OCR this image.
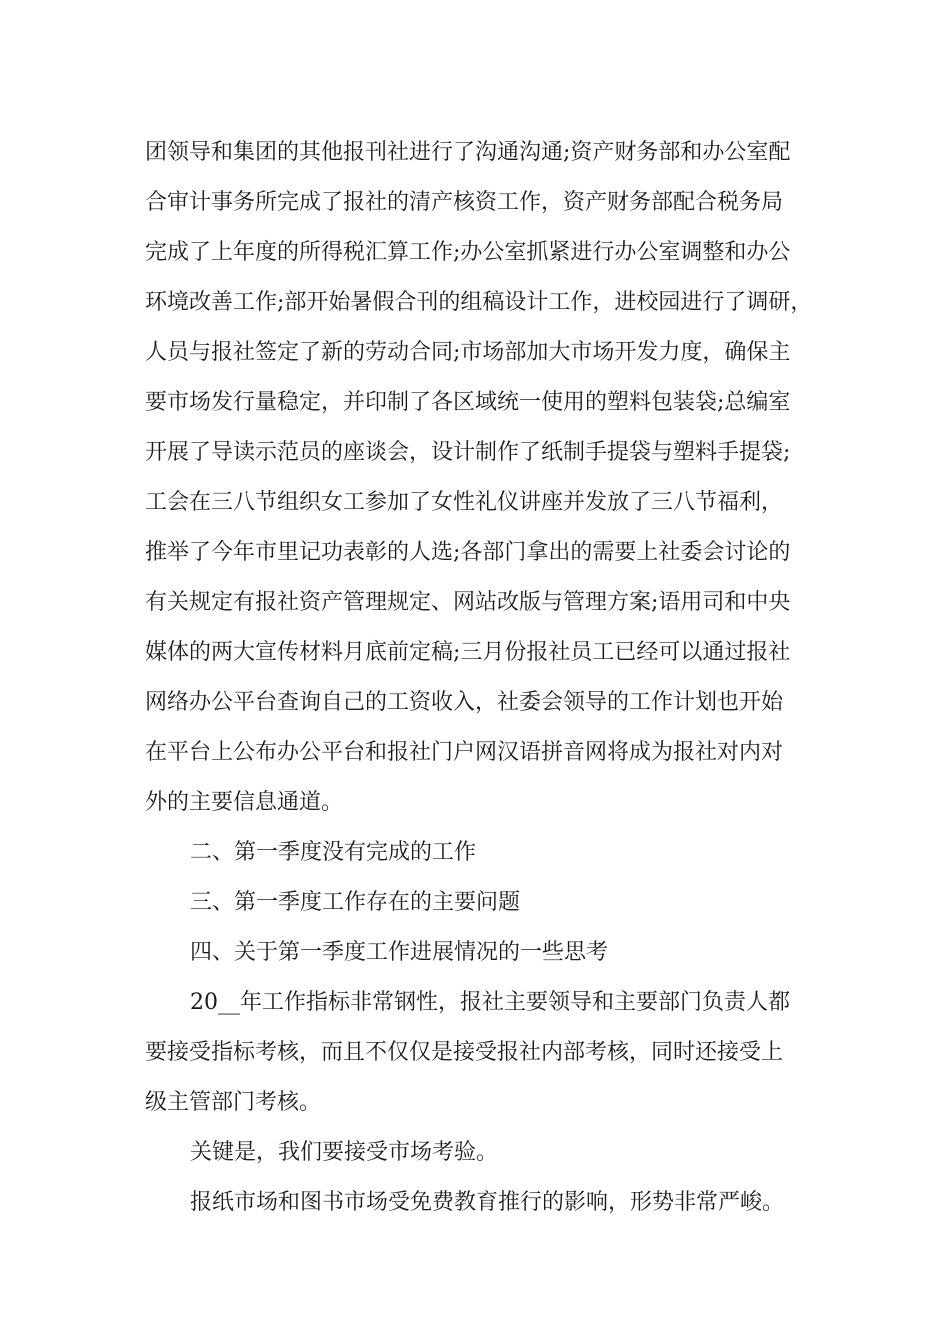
团领导和集团的其他报刊社进行了沟通沟通;资产财务部和办公室配
合审计事务所完成了报社的清产核资工作，资产财务部配合税务局
完成了上年度的所得税汇算工作;办公室抓紧进行办公室调整和办公
环境改善工作;部开始暑假合刊的组稿设计工作，进校园进行了调研，
人员与报社签定了新的劳动合同;市场部加大市场开发力度，确保主
要市场发行量稳定，并印制了各区域统一使用的塑料包装袋;总编室
开展了导读示范员的座谈会，设计制作了纸制手提袋与塑料手提袋;
工会在三八节组织女工参加了女性礼仪讲座并发放了三八节福利，
推举了今年市里记功表彰的人选;各部门拿出的需要上社委会讨论的
有关规定有报社资产管理规定、网站改版与管理方案;语用司和中央
媒体的两大宣传材料月底前定稿;三月份报社员工已经可以通过报社
网络办公平台查询自己的工资收入，社委会领导的工作计划也开始
在平台上公布办公平台和报社门户网汉语拼音网将成为报社对内对
外的主要信息通道。
二、第一季度没有完成的工作
三、第一季度工作存在的主要问题
四、关于第一季度工作进展情况的一些思考
20__年工作指标非常钢性，报社主要领导和主要部门负责人都
要接受指标考核，而且不仅仅是接受报社内部考核，同时还接受上
级主管部门考核。
关键是，我们要接受市场考验。
报纸市场和图书市场受免费教育推行的影响，形势非常严峻。
